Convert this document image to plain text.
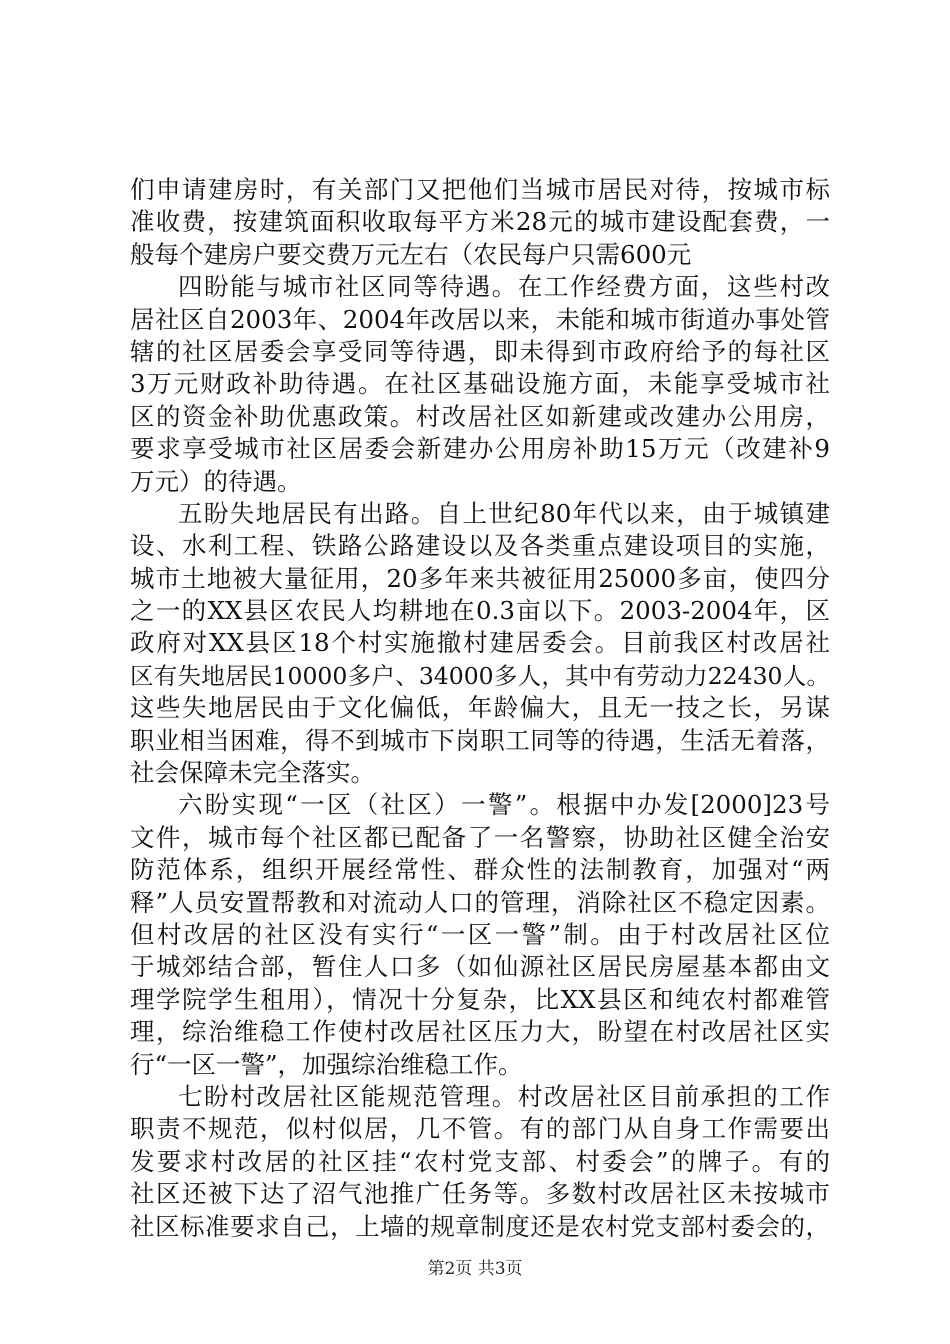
们申请建房时，有关部门又把他们当城市居民对待，按城市标
准收费，按建筑面积收取每平方米28元的城市建设配套费，一
般每个建房户要交费万元左右（农民每户只需600元
四盼能与城市社区同等待遇。在工作经费方面，这些村改
居社区自2003年、2004年改居以来，未能和城市街道办事处管
辖的社区居委会享受同等待遇，即未得到市政府给予的每社区
3万元财政补助待遇。在社区基础设施方面，未能享受城市社
区的资金补助优惠政策。村改居社区如新建或改建办公用房，
要求享受城市社区居委会新建办公用房补助15万元（改建补9
万元）的待遇。
五盼失地居民有出路。自上世纪80年代以来，由于城镇建
设、水利工程、铁路公路建设以及各类重点建设项目的实施，
城市土地被大量征用，20多年来共被征用25000多亩，使四分
之一的XX县区农民人均耕地在0.3亩以下。2003-2004年，区
政府对XX县区18个村实施撤村建居委会。目前我区村改居社
区有失地居民10000多户、34000多人，其中有劳动力22430人。
这些失地居民由于文化偏低，年龄偏大，且无一技之长，另谋
职业相当困难，得不到城市下岗职工同等的待遇，生活无着落，
社会保障未完全落实。
六盼实现“一区（社区）一警”。根据中办发[2000]23号
文件，城市每个社区都已配备了一名警察，协助社区健全治安
防范体系，组织开展经常性、群众性的法制教育，加强对“两
释”人员安置帮教和对流动人口的管理，消除社区不稳定因素。
但村改居的社区没有实行“一区一警”制。由于村改居社区位
于城郊结合部，暂住人口多（如仙源社区居民房屋基本都由文
理学院学生租用），情况十分复杂，比XX县区和纯农村都难管
理，综治维稳工作使村改居社区压力大，盼望在村改居社区实
行“一区一警”，加强综治维稳工作。
七盼村改居社区能规范管理。村改居社区目前承担的工作
职责不规范，似村似居，几不管。有的部门从自身工作需要出
发要求村改居的社区挂“农村党支部、村委会”的牌子。有的
社区还被下达了沼气池推广任务等。多数村改居社区未按城市
社区标准要求自己，上墙的规章制度还是农村党支部村委会的，
第2页 共3页
